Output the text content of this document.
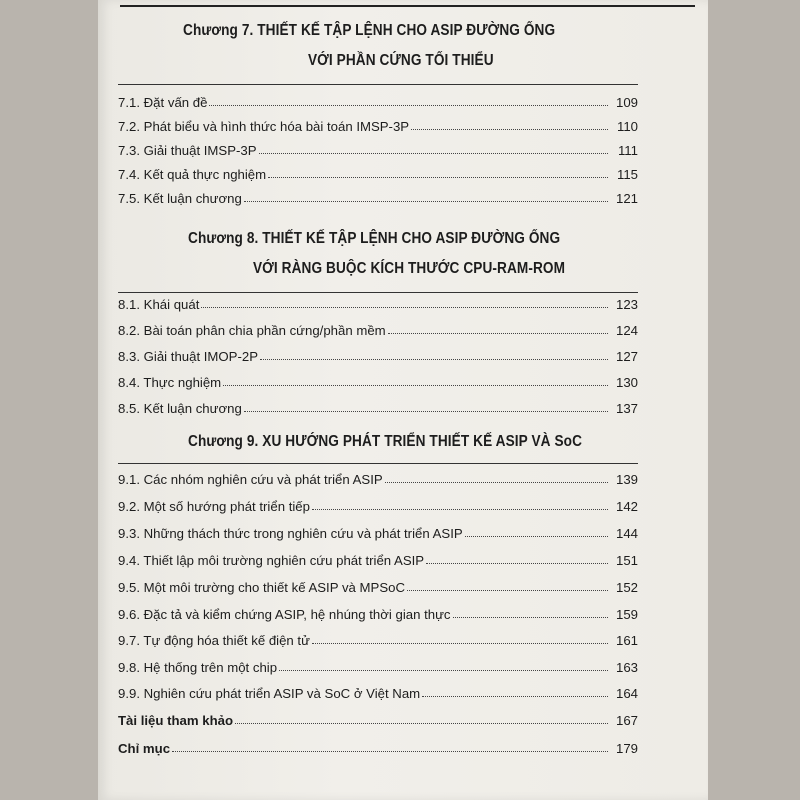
Chương 7. THIẾT KẾ TẬP LỆNH CHO ASIP ĐƯỜNG ỐNG
VỚI PHẦN CỨNG TỐI THIỂU
7.1. Đặt vấn đề	109
7.2. Phát biểu và hình thức hóa bài toán IMSP-3P	110
7.3. Giải thuật IMSP-3P	111
7.4. Kết quả thực nghiệm	115
7.5. Kết luận chương	121
Chương 8. THIẾT KẾ TẬP LỆNH CHO ASIP ĐƯỜNG ỐNG
VỚI RÀNG BUỘC KÍCH THƯỚC CPU-RAM-ROM
8.1. Khái quát	123
8.2. Bài toán phân chia phần cứng/phần mềm	124
8.3. Giải thuật IMOP-2P	127
8.4. Thực nghiệm	130
8.5. Kết luận chương	137
Chương 9. XU HƯỚNG PHÁT TRIỂN THIẾT KẾ ASIP VÀ SoC
9.1. Các nhóm nghiên cứu và phát triển ASIP	139
9.2. Một số hướng phát triển tiếp	142
9.3. Những thách thức trong nghiên cứu và phát triển ASIP	144
9.4. Thiết lập môi trường nghiên cứu phát triển ASIP	151
9.5. Một môi trường cho thiết kế ASIP và MPSoC	152
9.6. Đặc tả và kiểm chứng ASIP, hệ nhúng thời gian thực	159
9.7. Tự động hóa thiết kế điện tử	161
9.8. Hệ thống trên một chip	163
9.9. Nghiên cứu phát triển ASIP và SoC ở Việt Nam	164
Tài liệu tham khảo	167
Chỉ mục	179
